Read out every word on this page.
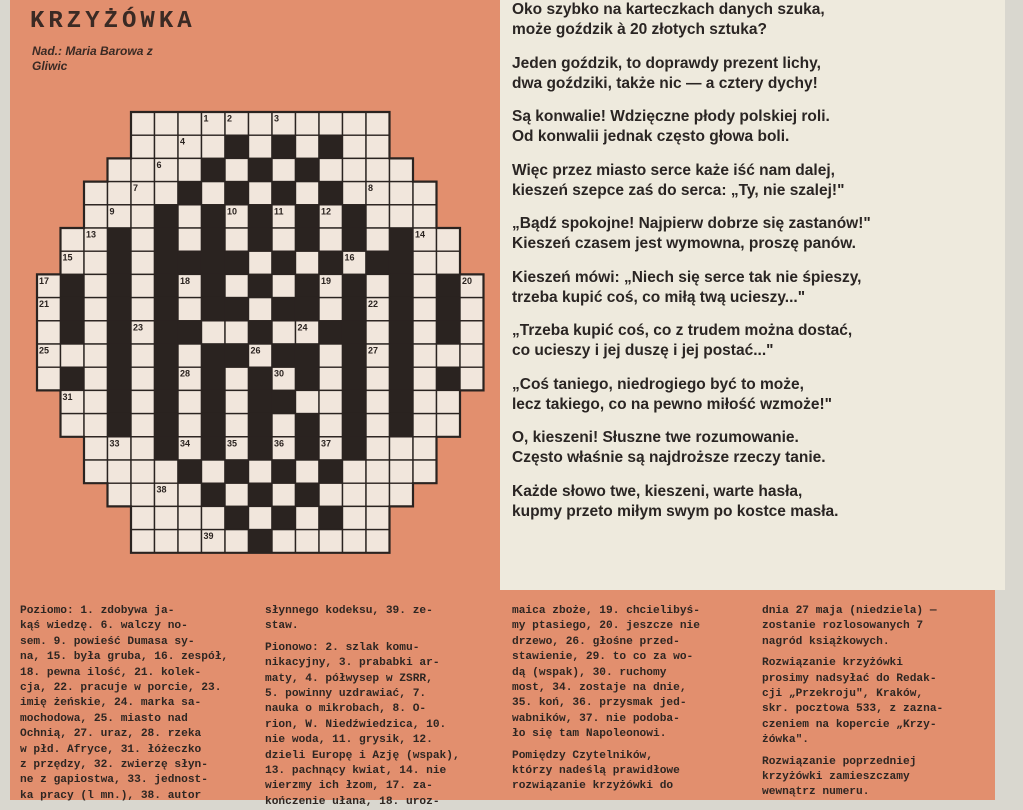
KRZYŻÓWKA
Nad.: Maria Barowa z Gliwic
1 2	3
4
6
7	8
9	10	11	12
13	14
15	16
17	18	19	20
21	22
23	24
25	26	27
28	30
31
33	34	35	36	37
38
39
Oko szybko na karteczkach danych szuka,
może goździk à 20 złotych sztuka?
Jeden goździk, to doprawdy prezent lichy,
dwa goździki, także nic — a cztery dychy!
Są konwalie! Wdzięczne płody polskiej roli.
Od konwalii jednak często głowa boli.
Więc przez miasto serce każe iść nam dalej,
kieszeń szepce zaś do serca: „Ty, nie szalej!"
„Bądź spokojne! Najpierw dobrze się zastanów!"
Kieszeń czasem jest wymowna, proszę panów.
Kieszeń mówi: „Niech się serce tak nie śpieszy,
trzeba kupić coś, co miłą twą ucieszy..."
„Trzeba kupić coś, co z trudem można dostać,
co ucieszy i jej duszę i jej postać..."
„Coś taniego, niedrogiego być to może,
lecz takiego, co na pewno miłość wzmoże!"
O, kieszeni! Słuszne twe rozumowanie.
Często właśnie są najdroższe rzeczy tanie.
Każde słowo twe, kieszeni, warte hasła,
kupmy przeto miłym swym po kostce masła.
Poziomo: 1. zdobywa ja-
kąś wiedzę. 6. walczy no-
sem. 9. powieść Dumasa sy-
na, 15. była gruba, 16. zespół,
18. pewna ilość, 21. kolek-
cja, 22. pracuje w porcie, 23.
imię żeńskie, 24. marka sa-
mochodowa, 25. miasto nad
Ochnią, 27. uraz, 28. rzeka
w płd. Afryce, 31. łóżeczko
z przędzy, 32. zwierzę słyn-
ne z gapiostwa, 33. jednost-
ka pracy (l mn.), 38. autor
słynnego kodeksu, 39. ze-
staw.
Pionowo: 2. szlak komu-
nikacyjny, 3. prababki ar-
maty, 4. półwysep w ZSRR,
5. powinny uzdrawiać, 7.
nauka o mikrobach, 8. O-
rion, W. Niedźwiedzica, 10.
nie woda, 11. grysik, 12.
dzieli Europę i Azję (wspak),
13. pachnący kwiat, 14. nie
wierzmy ich łzom, 17. za-
kończenie ułana, 18. uroz-
maica zboże, 19. chcielibyś-
my ptasiego, 20. jeszcze nie
drzewo, 26. głośne przed-
stawienie, 29. to co za wo-
dą (wspak), 30. ruchomy
most, 34. zostaje na dnie,
35. koń, 36. przysmak jed-
wabników, 37. nie podoba-
ło się tam Napoleonowi.
Pomiędzy Czytelników,
którzy nadeślą prawidłowe
rozwiązanie krzyżówki do
dnia 27 maja (niedziela) —
zostanie rozlosowanych 7
nagród książkowych.
Rozwiązanie krzyżówki
prosimy nadsyłać do Redak-
cji „Przekroju", Kraków,
skr. pocztowa 533, z zazna-
czeniem na kopercie „Krzy-
żówka".
Rozwiązanie poprzedniej
krzyżówki zamieszczamy
wewnątrz numeru.
